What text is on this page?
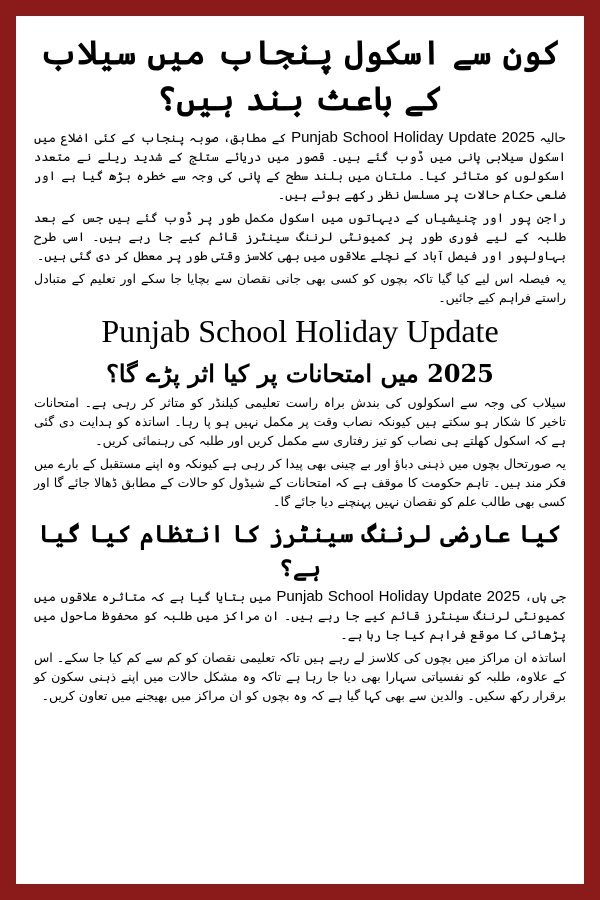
کون سے اسکول پنجاب میں سیلاب کے باعث بند ہیں؟

حالیہ Punjab School Holiday Update 2025 کے مطابق، صوبہ پنجاب کے کئی اضلاع میں اسکول سیلابی پانی میں ڈوب گئے ہیں۔ قصور میں دریائے ستلج کے شدید ریلے نے متعدد اسکولوں کو متاثر کیا۔ ملتان میں بلند سطح کے پانی کی وجہ سے خطرہ بڑھ گیا ہے اور ضلعی حکام حالات پر مسلسل نظر رکھے ہوئے ہیں۔

راجن پور اور چنیشیاں کے دیہاتوں میں اسکول مکمل طور پر ڈوب گئے ہیں جس کے بعد طلبہ کے لیے فوری طور پر کمیونٹی لرننگ سینٹرز قائم کیے جا رہے ہیں۔ اسی طرح بہاولپور اور فیصل آباد کے نچلے علاقوں میں بھی کلاسز وقتی طور پر معطل کر دی گئی ہیں۔

یہ فیصلہ اس لیے کیا گیا تاکہ بچوں کو کسی بھی جانی نقصان سے بچایا جا سکے اور تعلیم کے متبادل راستے فراہم کیے جائیں۔

Punjab School Holiday Update
2025 میں امتحانات پر کیا اثر پڑے گا؟

سیلاب کی وجہ سے اسکولوں کی بندش براہ راست تعلیمی کیلنڈر کو متاثر کر رہی ہے۔ امتحانات تاخیر کا شکار ہو سکتے ہیں کیونکہ نصاب وقت پر مکمل نہیں ہو پا رہا۔ اساتذہ کو ہدایت دی گئی ہے کہ اسکول کھلتے ہی نصاب کو تیز رفتاری سے مکمل کریں اور طلبہ کی رہنمائی کریں۔

یہ صورتحال بچوں میں ذہنی دباؤ اور بے چینی بھی پیدا کر رہی ہے کیونکہ وہ اپنے مستقبل کے بارے میں فکر مند ہیں۔ تاہم حکومت کا موقف ہے کہ امتحانات کے شیڈول کو حالات کے مطابق ڈھالا جائے گا اور کسی بھی طالب علم کو نقصان نہیں پہنچنے دیا جائے گا۔

کیا عارضی لرننگ سینٹرز کا انتظام کیا گیا ہے؟

جی ہاں، Punjab School Holiday Update 2025 میں بتایا گیا ہے کہ متاثرہ علاقوں میں کمیونٹی لرننگ سینٹرز قائم کیے جا رہے ہیں۔ ان مراکز میں طلبہ کو محفوظ ماحول میں پڑھائی کا موقع فراہم کیا جا رہا ہے۔

اساتذہ ان مراکز میں بچوں کی کلاسز لے رہے ہیں تاکہ تعلیمی نقصان کو کم سے کم کیا جا سکے۔ اس کے علاوہ، طلبہ کو نفسیاتی سہارا بھی دیا جا رہا ہے تاکہ وہ مشکل حالات میں اپنے ذہنی سکون کو برقرار رکھ سکیں۔ والدین سے بھی کہا گیا ہے کہ وہ بچوں کو ان مراکز میں بھیجنے میں تعاون کریں۔
